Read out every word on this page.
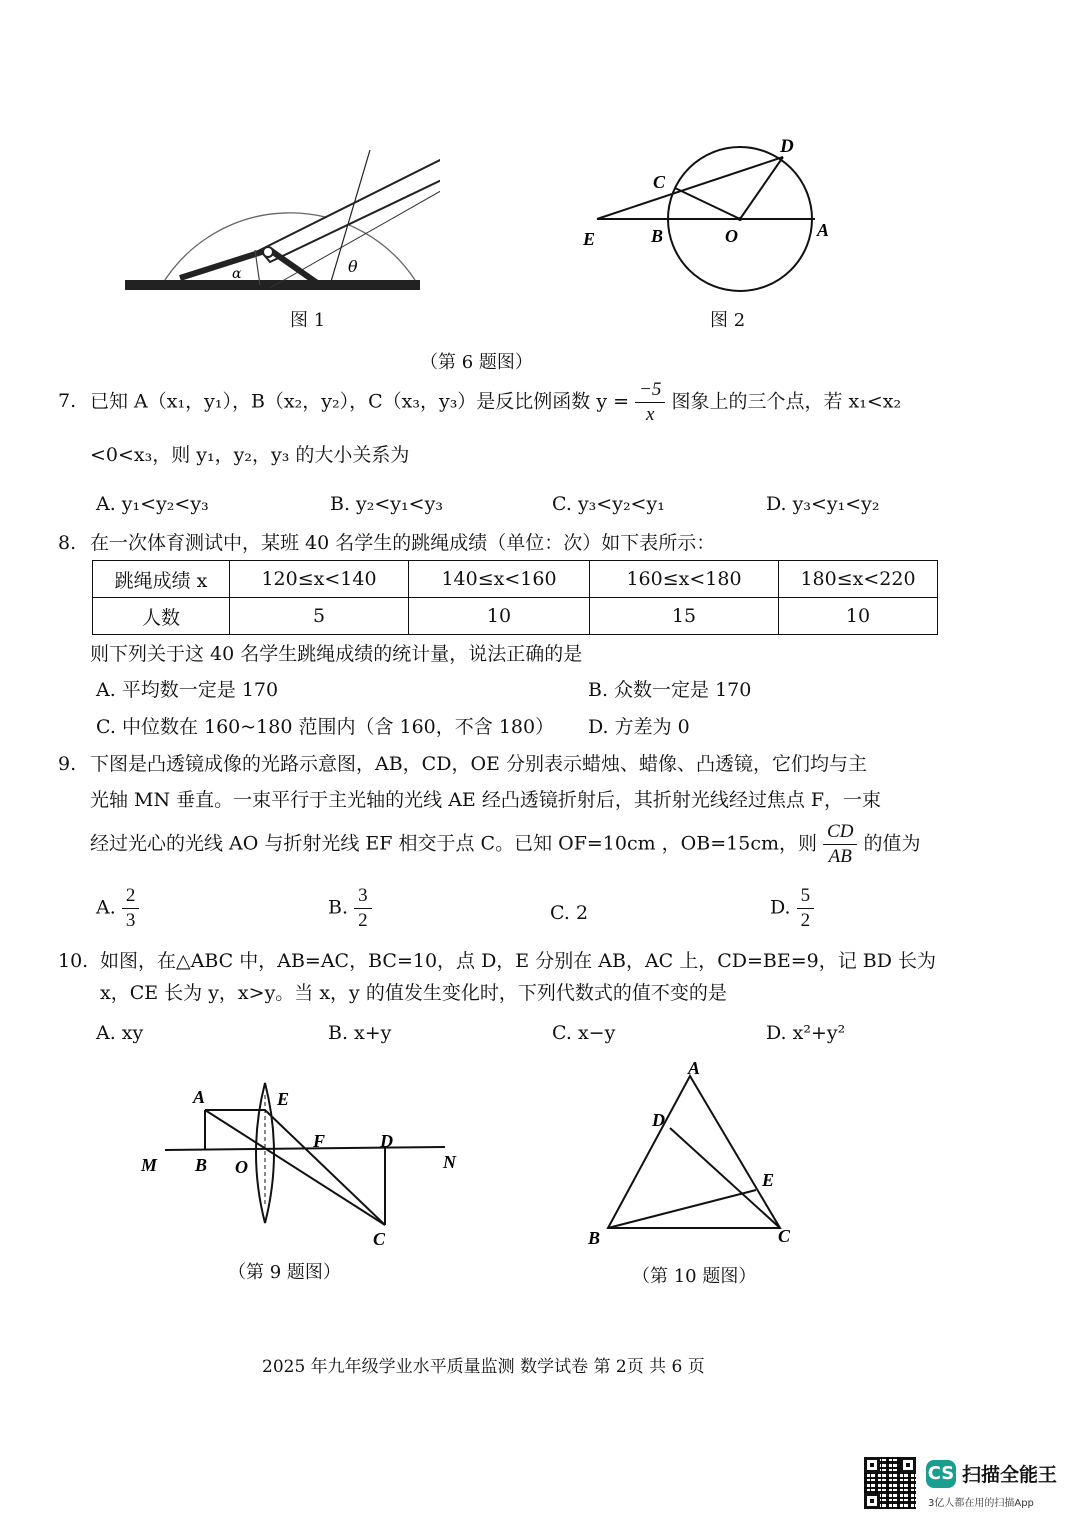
α	θ
图 1
D
C
E	B	O	A
图 2
（第 6 题图）
7. 已知 A（x₁，y₁），B（x₂，y₂），C（x₃，y₃）是反比例函数 $y = \frac{-5}{x}$ 图象上的三个点，若 x₁<x₂
<0<x₃，则 y₁，y₂，y₃ 的大小关系为
A. y₁<y₂<y₃	B. y₂<y₁<y₃	C. y₃<y₂<y₁	D. y₃<y₁<y₂
8. 在一次体育测试中，某班 40 名学生的跳绳成绩（单位：次）如下表所示：
跳绳成绩 x	120≤x<140	140≤x<160	160≤x<180	180≤x<220
人数	5	10	15	10
则下列关于这 40 名学生跳绳成绩的统计量，说法正确的是
A. 平均数一定是 170	B. 众数一定是 170
C. 中位数在 160~180 范围内（含 160，不含 180） D. 方差为 0
9. 下图是凸透镜成像的光路示意图，AB，CD，OE 分别表示蜡烛、蜡像、凸透镜，它们均与主
光轴 MN 垂直。一束平行于主光轴的光线 AE 经凸透镜折射后，其折射光线经过焦点 F，一束
经过光心的光线 AO 与折射光线 EF 相交于点 C。已知 OF=10cm ，OB=15cm，则 $\frac{CD}{AB}$ 的值为
A. $\frac{2}{3}$	B. $\frac{3}{2}$	C. 2	D. $\frac{5}{2}$
10. 如图，在△ABC 中，AB=AC，BC=10，点 D，E 分别在 AB，AC 上，CD=BE=9，记 BD 长为
x，CE 长为 y，x>y。当 x，y 的值发生变化时，下列代数式的值不变的是
A. xy	B. x+y	C. x−y	D. x²+y²
A	E
F	D
M B O	N
C
（第 9 题图）
A
D
E
B	C
（第 10 题图）
2025 年九年级学业水平质量监测 数学试卷 第 2页 共 6 页
CS 扫描全能王
3亿人都在用的扫描App
